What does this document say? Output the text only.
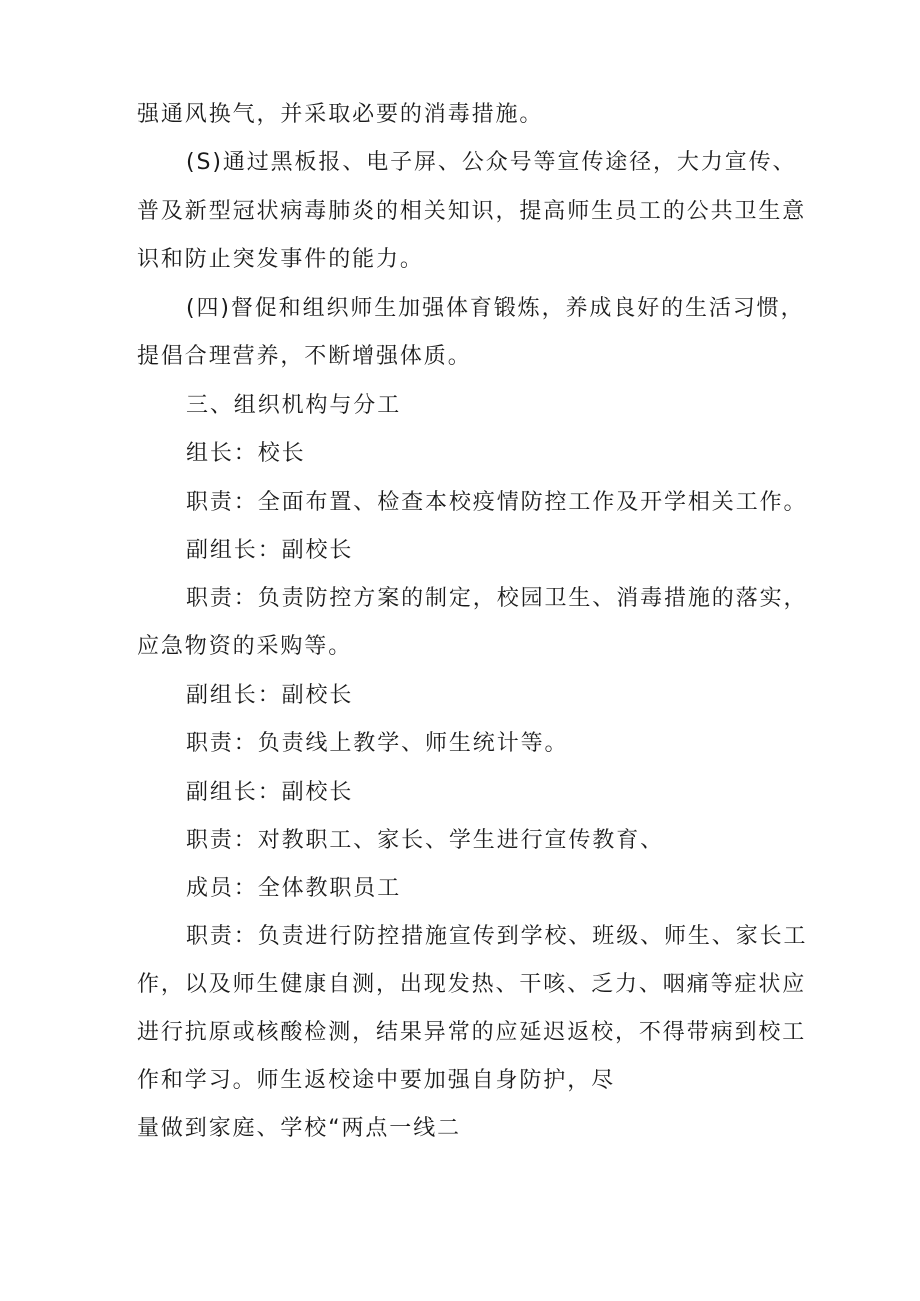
强通风换气，并采取必要的消毒措施。
(S)通过黑板报、电子屏、公众号等宣传途径，大力宣传、
普及新型冠状病毒肺炎的相关知识，提高师生员工的公共卫生意
识和防止突发事件的能力。
(四)督促和组织师生加强体育锻炼，养成良好的生活习惯，
提倡合理营养，不断增强体质。
三、组织机构与分工
组长：校长
职责：全面布置、检查本校疫情防控工作及开学相关工作。
副组长：副校长
职责：负责防控方案的制定，校园卫生、消毒措施的落实，
应急物资的采购等。
副组长：副校长
职责：负责线上教学、师生统计等。
副组长：副校长
职责：对教职工、家长、学生进行宣传教育、
成员：全体教职员工
职责：负责进行防控措施宣传到学校、班级、师生、家长工
作，以及师生健康自测，出现发热、干咳、乏力、咽痛等症状应
进行抗原或核酸检测，结果异常的应延迟返校，不得带病到校工
作和学习。师生返校途中要加强自身防护，尽
量做到家庭、学校“两点一线二
